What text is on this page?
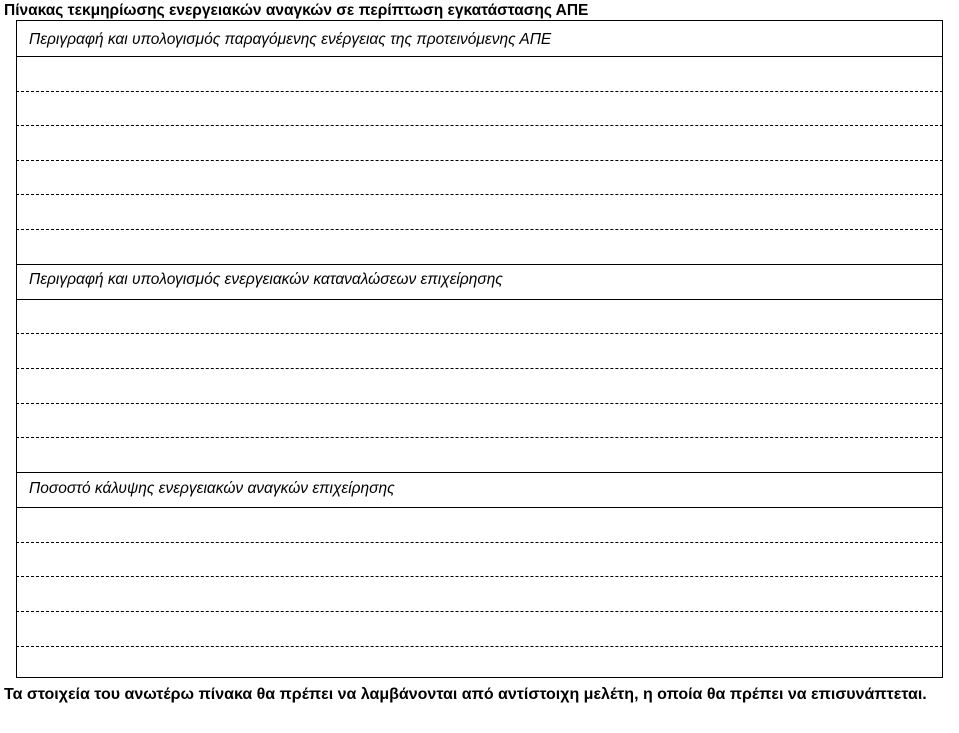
Πίνακας τεκμηρίωσης ενεργειακών αναγκών σε περίπτωση εγκατάστασης ΑΠΕ
Περιγραφή και υπολογισμός παραγόμενης ενέργειας της προτεινόμενης ΑΠΕ
Περιγραφή και υπολογισμός ενεργειακών καταναλώσεων επιχείρησης
Ποσοστό κάλυψης ενεργειακών αναγκών επιχείρησης
Τα στοιχεία του ανωτέρω πίνακα θα πρέπει να λαμβάνονται από αντίστοιχη μελέτη, η οποία θα πρέπει να επισυνάπτεται.
